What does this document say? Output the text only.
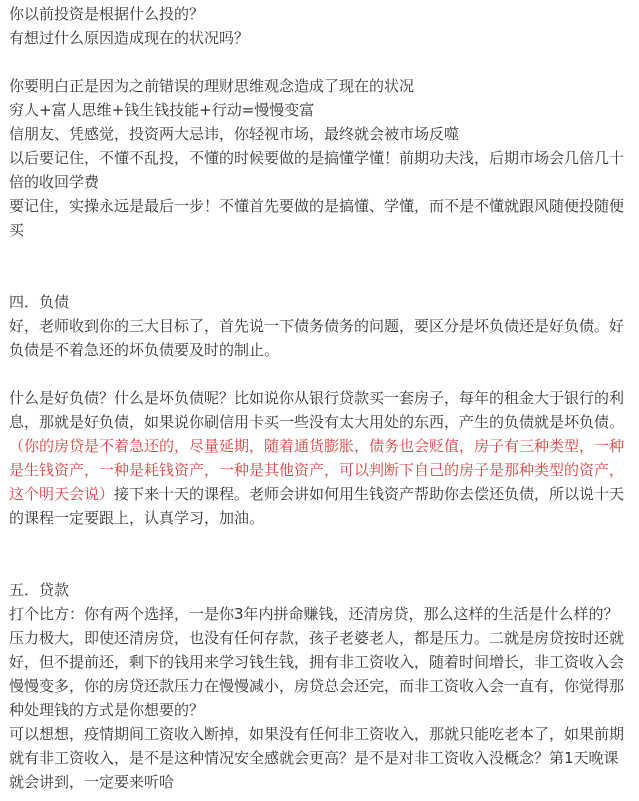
你以前投资是根据什么投的？

有想过什么原因造成现在的状况吗？

你要明白正是因为之前错误的理财思维观念造成了现在的状况

穷人+富人思维+钱生钱技能+行动=慢慢变富

信朋友、凭感觉，投资两大忌讳，你轻视市场，最终就会被市场反噬

以后要记住，不懂不乱投，不懂的时候要做的是搞懂学懂！前期功夫浅，后期市场会几倍几十倍的收回学费

要记住，实操永远是最后一步！不懂首先要做的是搞懂、学懂，而不是不懂就跟风随便投随便买

四．负债

好，老师收到你的三大目标了，首先说一下债务债务的问题，要区分是坏负债还是好负债。好负债是不着急还的坏负债要及时的制止。

什么是好负债？什么是坏负债呢？比如说你从银行贷款买一套房子，每年的租金大于银行的利息，那就是好负债，如果说你刷信用卡买一些没有太大用处的东西，产生的负债就是坏负债。（你的房贷是不着急还的，尽量延期，随着通货膨胀，债务也会贬值，房子有三种类型，一种是生钱资产，一种是耗钱资产，一种是其他资产，可以判断下自己的房子是那种类型的资产，这个明天会说）接下来十天的课程。老师会讲如何用生钱资产帮助你去偿还负债，所以说十天的课程一定要跟上，认真学习，加油。

五．贷款

打个比方：你有两个选择，一是你3年内拼命赚钱，还清房贷，那么这样的生活是什么样的？压力极大，即使还清房贷，也没有任何存款，孩子老婆老人，都是压力。二就是房贷按时还就好，但不提前还，剩下的钱用来学习钱生钱，拥有非工资收入，随着时间增长，非工资收入会慢慢变多，你的房贷还款压力在慢慢减小，房贷总会还完，而非工资收入会一直有，你觉得那种处理钱的方式是你想要的？

可以想想，疫情期间工资收入断掉，如果没有任何非工资收入，那就只能吃老本了，如果前期就有非工资收入，是不是这种情况安全感就会更高？是不是对非工资收入没概念？第1天晚课就会讲到，一定要来听哈
